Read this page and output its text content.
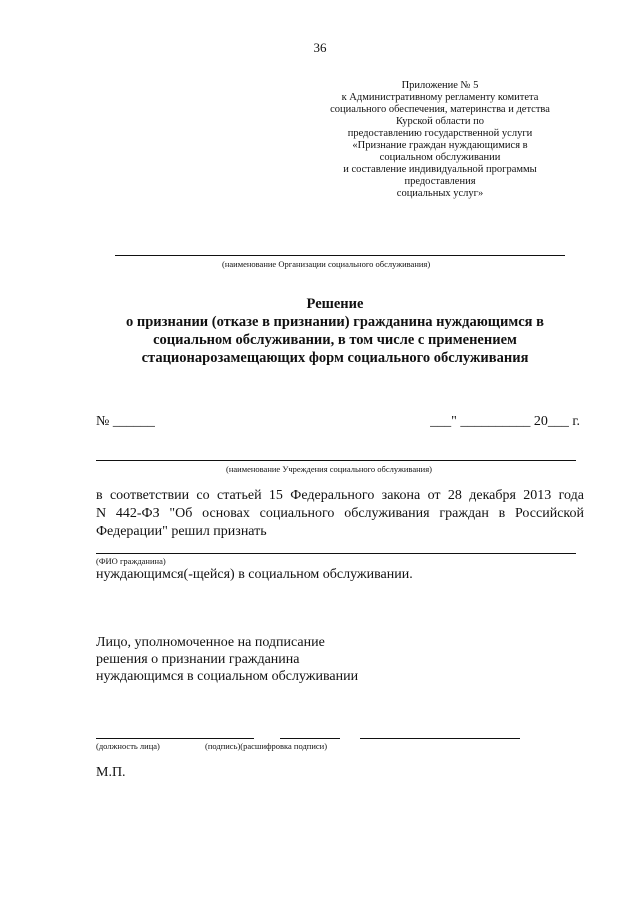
36
Приложение № 5
к Административному регламенту комитета
социального обеспечения, материнства и детства
Курской области по
предоставлению государственной услуги
«Признание граждан нуждающимися в
социальном обслуживании
и составление индивидуальной программы
предоставления
социальных услуг»
(наименование Организации социального обслуживания)
Решение
о признании (отказе в признании) гражданина нуждающимся в
социальном обслуживании, в том числе с применением
стационарозамещающих форм социального обслуживания
№ ______	___" __________ 20___ г.
(наименование Учреждения социального обслуживания)
в соответствии со статьей 15 Федерального закона от 28 декабря 2013 года
N 442-ФЗ "Об основах социального обслуживания граждан в Российской
Федерации" решил признать
(ФИО гражданина)
нуждающимся(-щейся) в социальном обслуживании.
Лицо, уполномоченное на подписание
решения о признании гражданина
нуждающимся в социальном обслуживании
(должность лица)	(подпись)(расшифровка подписи)
М.П.
